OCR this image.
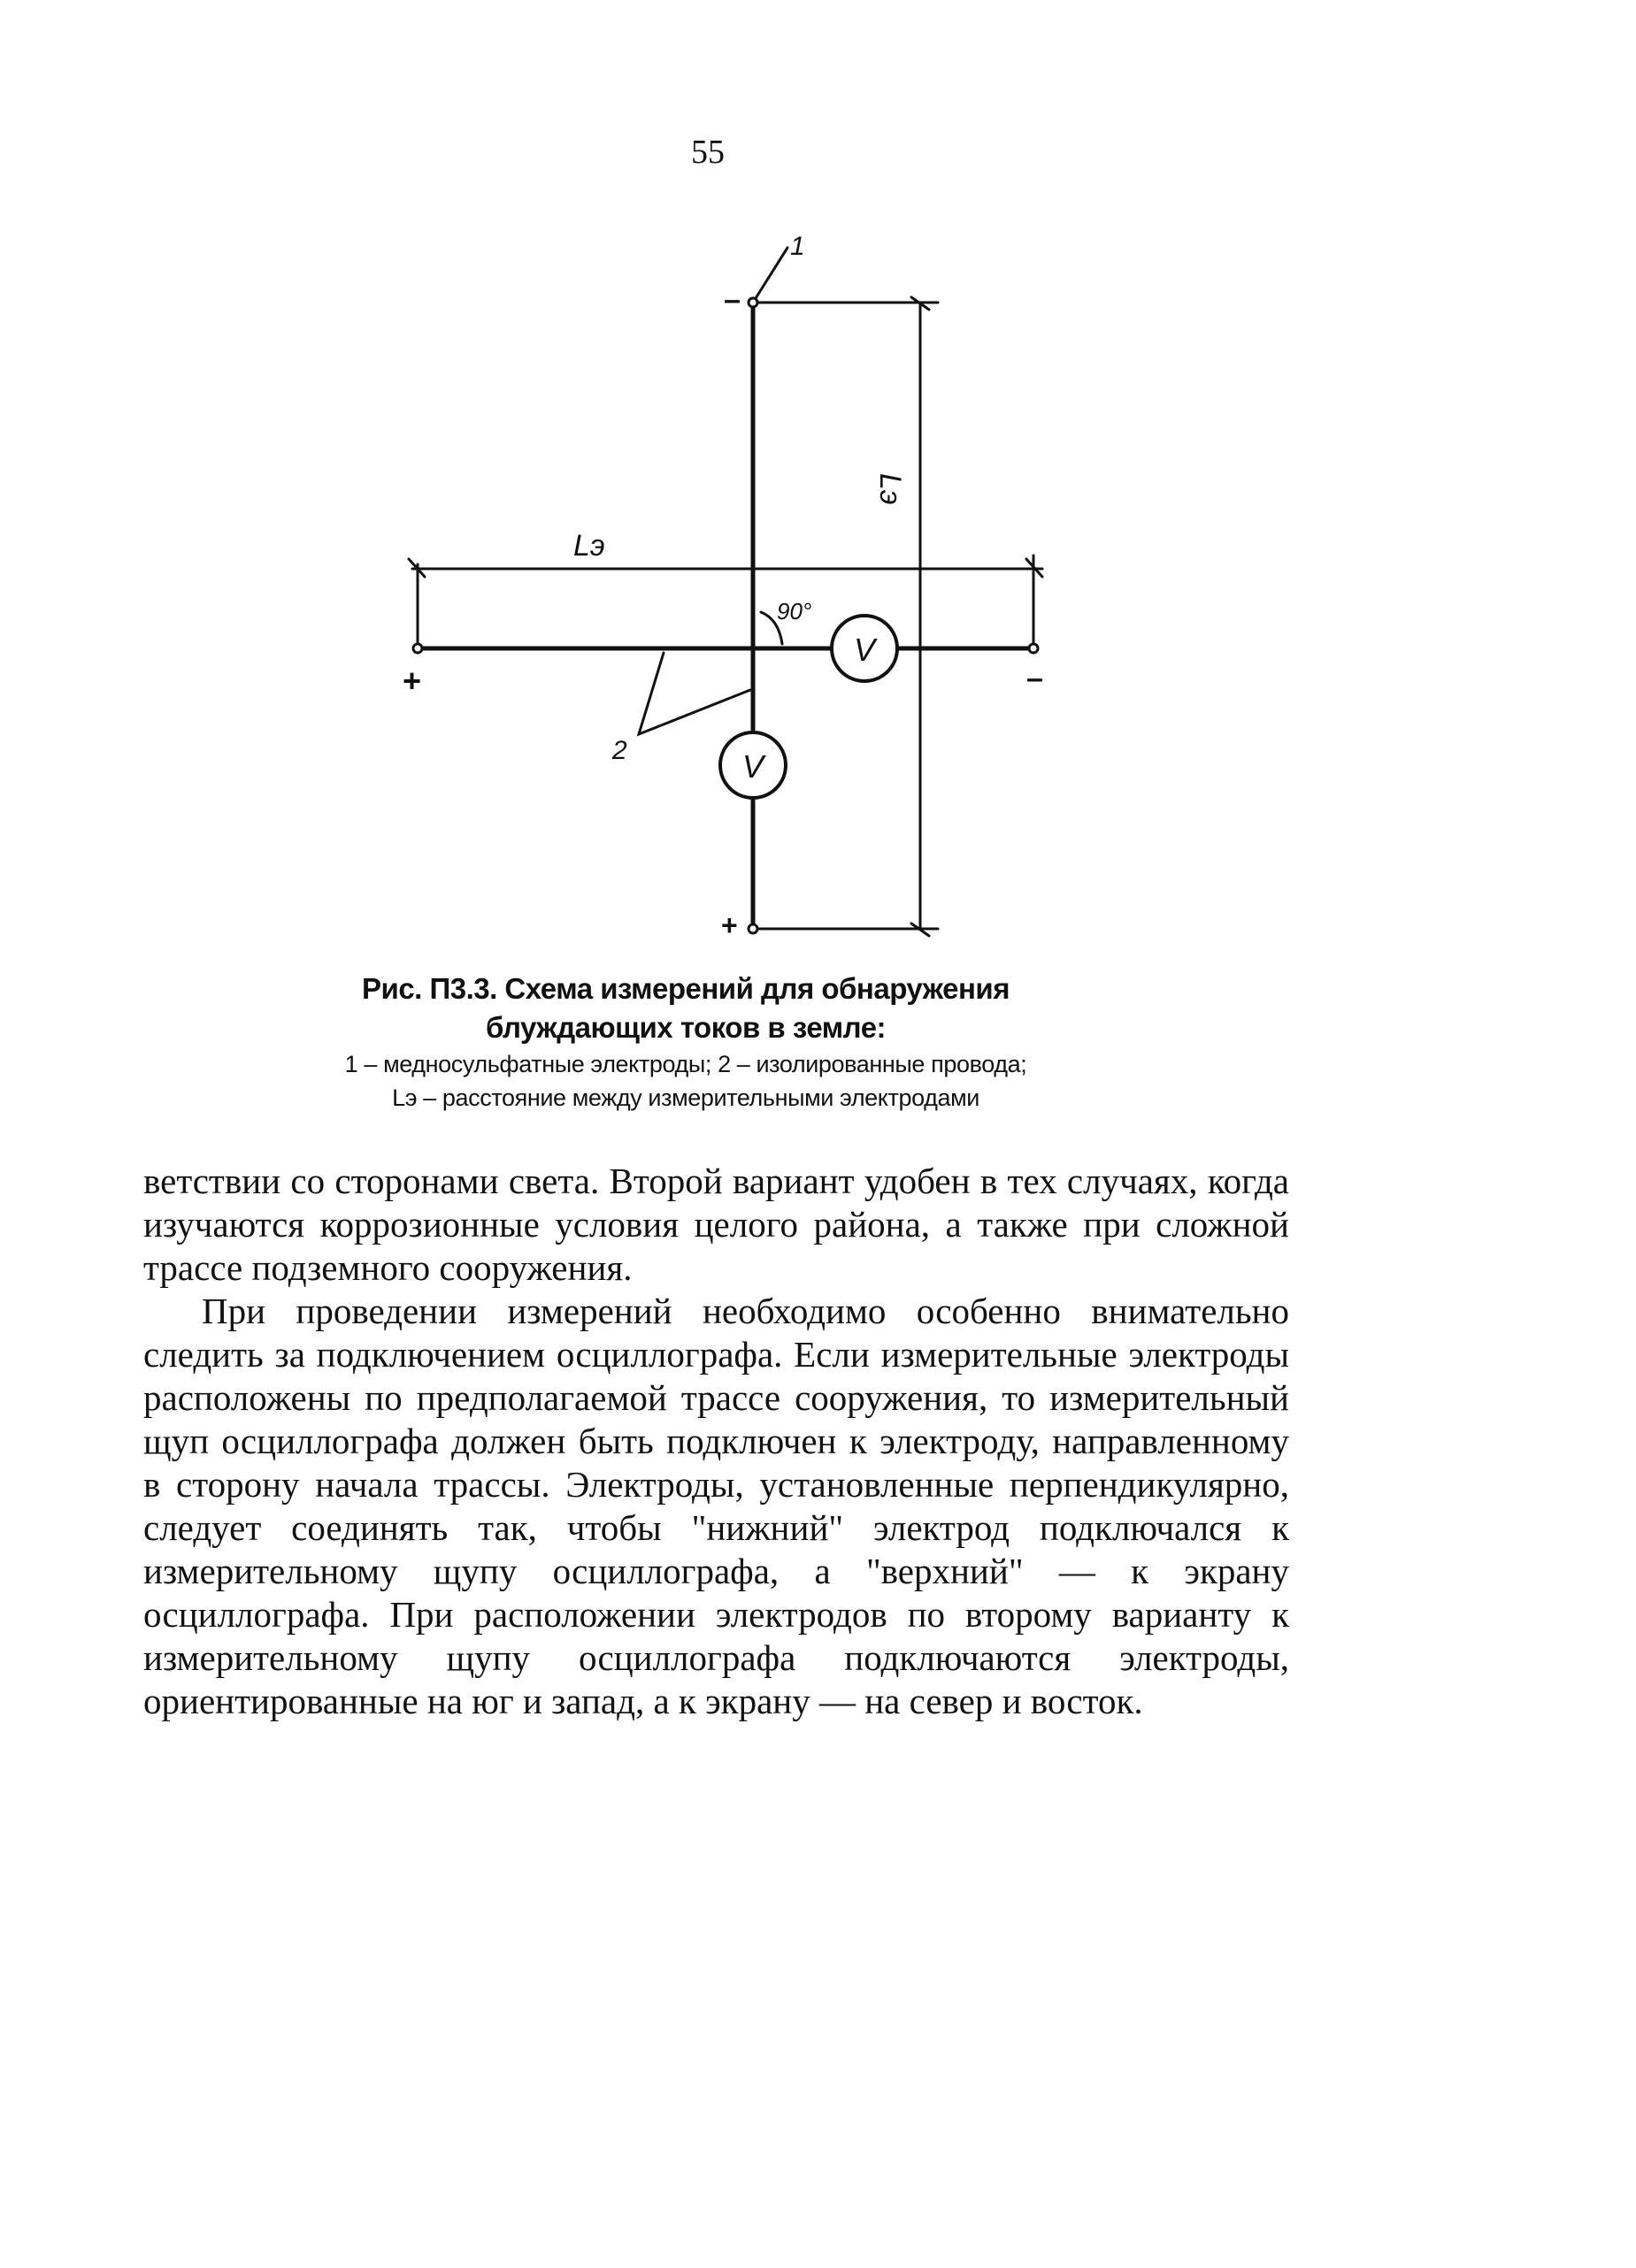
55
V
V
1
2
90°
Lэ
Lэ
–
+	–
+
Рис. П3.3. Схема измерений для обнаружения
блуждающих токов в земле:
1 – медносульфатные электроды; 2 – изолированные провода;
Lэ – расстояние между измерительными электродами

ветствии со сторонами света. Второй вариант удобен в тех случаях, когда изучаются коррозионные условия целого района, а также при сложной трассе подземного сооружения.

При проведении измерений необходимо особенно внимательно следить за подключением осциллографа. Если измерительные электроды расположены по предполагаемой трассе сооружения, то измерительный щуп осциллографа должен быть подключен к электроду, направленному в сторону начала трассы. Электроды, установленные перпендикулярно, следует соединять так, чтобы "нижний" электрод подключался к измерительному щупу осциллографа, а "верхний" — к экрану осциллографа. При расположении электродов по второму варианту к измерительному щупу осциллографа подключаются электроды, ориентированные на юг и запад, а к экрану — на север и восток.
